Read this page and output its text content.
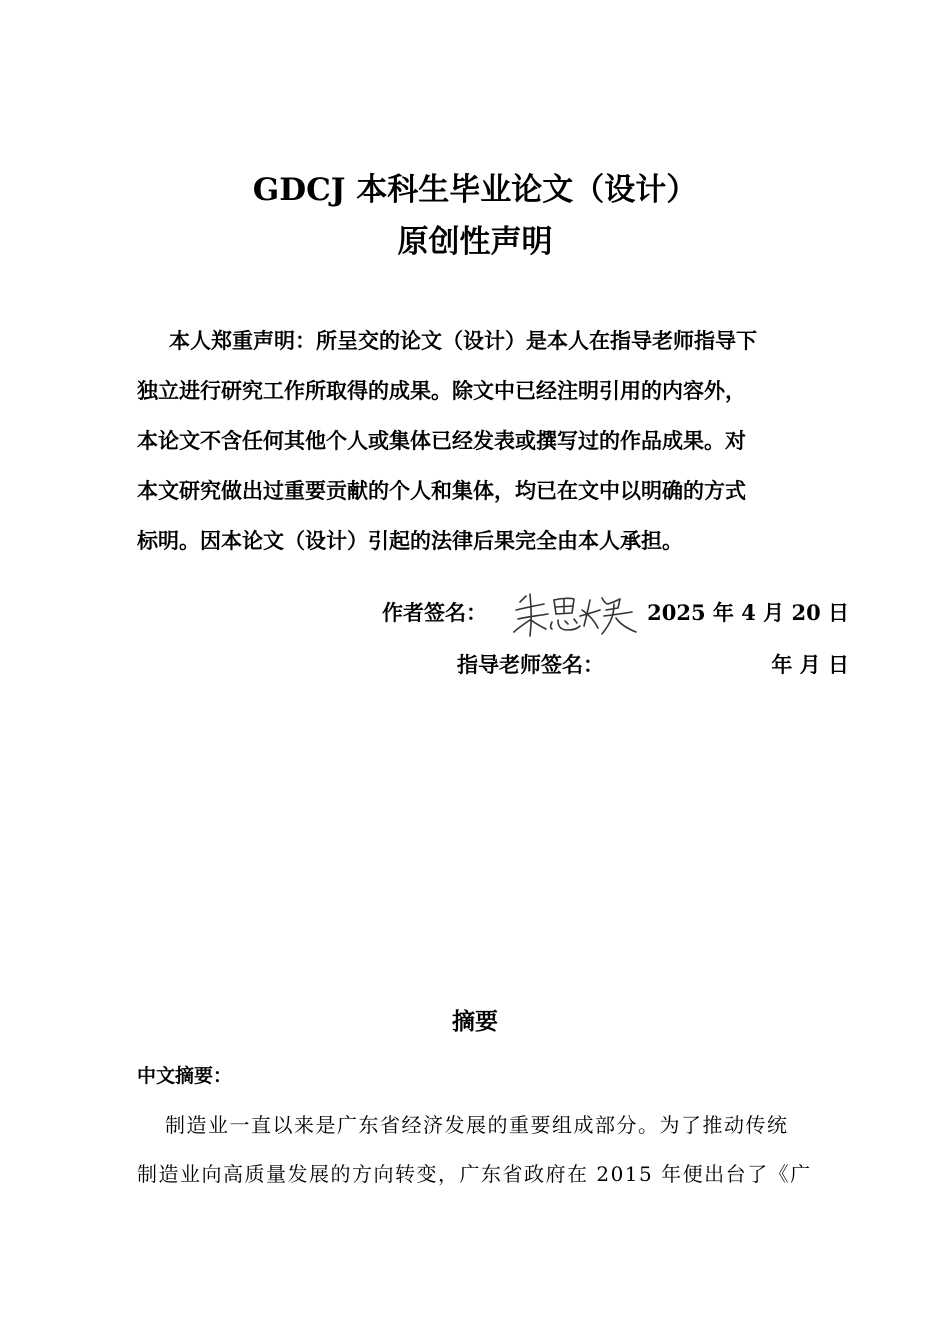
GDCJ 本科生毕业论文（设计）
原创性声明
本人郑重声明：所呈交的论文（设计）是本人在指导老师指导下
独立进行研究工作所取得的成果。除文中已经注明引用的内容外，
本论文不含任何其他个人或集体已经发表或撰写过的作品成果。对
本文研究做出过重要贡献的个人和集体，均已在文中以明确的方式
标明。因本论文（设计）引起的法律后果完全由本人承担。
作者签名：	2025 年 4 月 20 日
指导老师签名：	年 月 日
摘要
中文摘要：
制造业一直以来是广东省经济发展的重要组成部分。为了推动传统
制造业向高质量发展的方向转变，广东省政府在 2015 年便出台了《广
